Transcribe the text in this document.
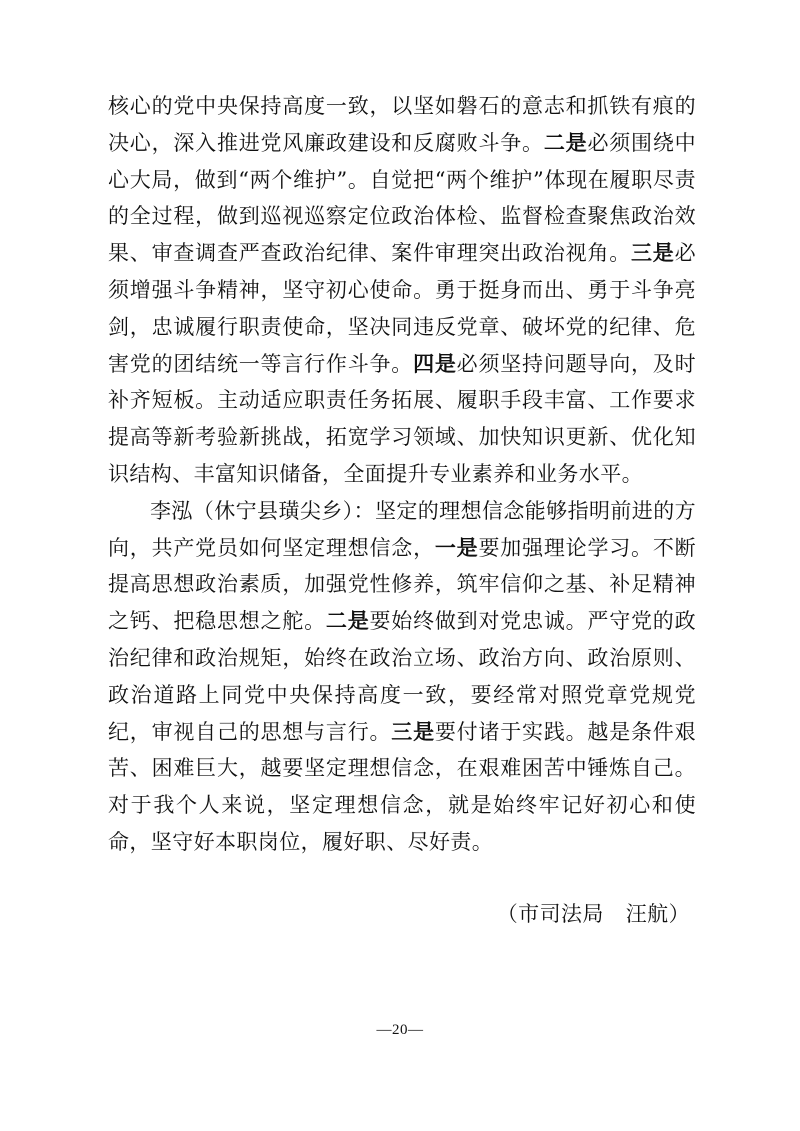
核心的党中央保持高度一致，以坚如磐石的意志和抓铁有痕的决心，深入推进党风廉政建设和反腐败斗争。二是必须围绕中心大局，做到“两个维护”。自觉把“两个维护”体现在履职尽责的全过程，做到巡视巡察定位政治体检、监督检查聚焦政治效果、审查调查严查政治纪律、案件审理突出政治视角。三是必须增强斗争精神，坚守初心使命。勇于挺身而出、勇于斗争亮剑，忠诚履行职责使命，坚决同违反党章、破坏党的纪律、危害党的团结统一等言行作斗争。四是必须坚持问题导向，及时补齐短板。主动适应职责任务拓展、履职手段丰富、工作要求提高等新考验新挑战，拓宽学习领域、加快知识更新、优化知识结构、丰富知识储备，全面提升专业素养和业务水平。

李泓（休宁县璜尖乡）：坚定的理想信念能够指明前进的方向，共产党员如何坚定理想信念，一是要加强理论学习。不断提高思想政治素质，加强党性修养，筑牢信仰之基、补足精神之钙、把稳思想之舵。二是要始终做到对党忠诚。严守党的政治纪律和政治规矩，始终在政治立场、政治方向、政治原则、政治道路上同党中央保持高度一致，要经常对照党章党规党纪，审视自己的思想与言行。三是要付诸于实践。越是条件艰苦、困难巨大，越要坚定理想信念，在艰难困苦中锤炼自己。对于我个人来说，坚定理想信念，就是始终牢记好初心和使命，坚守好本职岗位，履好职、尽好责。

（市司法局 汪航）
—20—
